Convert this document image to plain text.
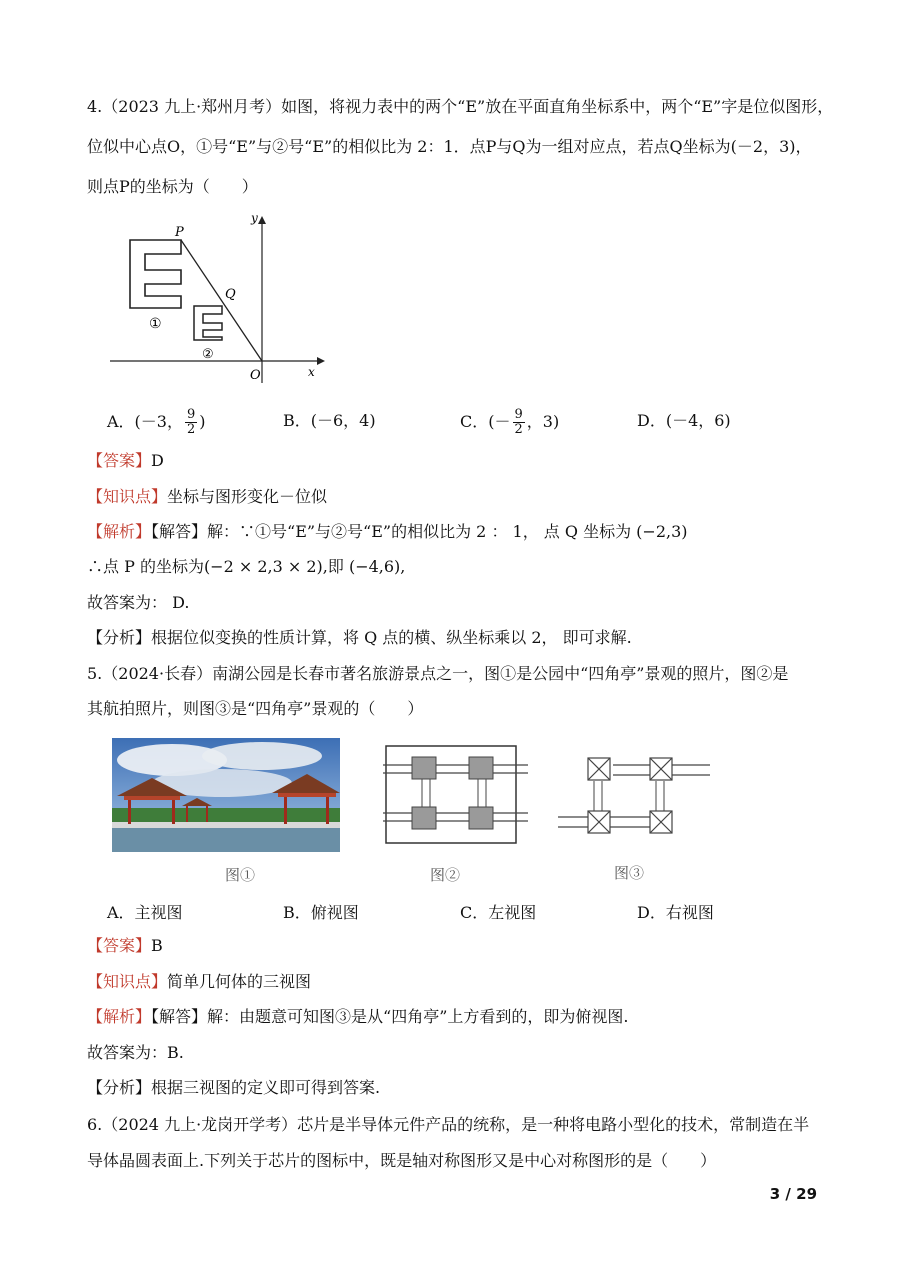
4.（2023 九上·郑州月考）如图，将视力表中的两个“E”放在平面直角坐标系中，两个“E”字是位似图形，
位似中心点O，①号“E”与②号“E”的相似比为 2：1．点P与Q为一组对应点，若点Q坐标为(－2，3)，
则点P的坐标为（　　）
P
Q
O
y
x
①
②
A．(－3， $\frac{9}{2}$ )	B．(－6，4)	C．(－ $\frac{9}{2}$ ，3)	D．(－4，6)
【答案】D
【知识点】坐标与图形变化－位似
【解析】【解答】解：∵①号“E”与②号“E”的相似比为 2 ： 1， 点 Q 坐标为 (−2,3)
∴点 P 的坐标为(−2 × 2,3 × 2),即 (−4,6),
故答案为： D.
【分析】根据位似变换的性质计算，将 Q 点的横、纵坐标乘以 2， 即可求解.
5.（2024·长春）南湖公园是长春市著名旅游景点之一，图①是公园中“四角亭”景观的照片，图②是
其航拍照片，则图③是“四角亭”景观的（　　）
图①	图②	图③
A．主视图	B．俯视图	C．左视图	D．右视图
【答案】B
【知识点】简单几何体的三视图
【解析】【解答】解：由题意可知图③是从“四角亭”上方看到的，即为俯视图.
故答案为：B.
【分析】根据三视图的定义即可得到答案.
6.（2024 九上·龙岗开学考）芯片是半导体元件产品的统称，是一种将电路小型化的技术，常制造在半
导体晶圆表面上.下列关于芯片的图标中，既是轴对称图形又是中心对称图形的是（　　）
3 / 29
